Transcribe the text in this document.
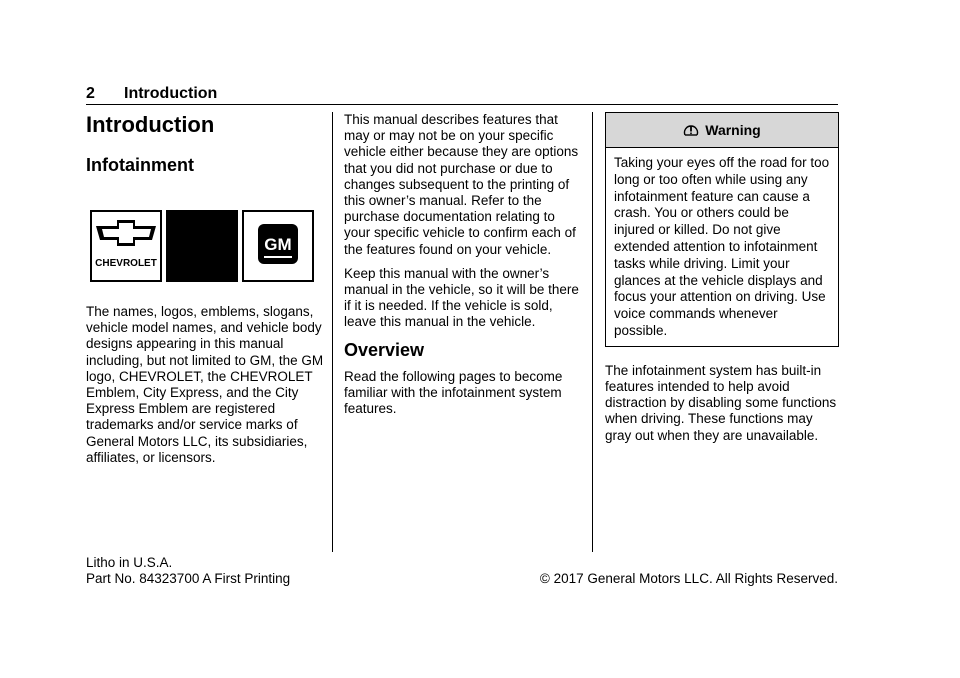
2 Introduction
Introduction
Infotainment
CHEVROLET
GM

The names, logos, emblems, slogans, vehicle model names, and vehicle body designs appearing in this manual including, but not limited to GM, the GM logo, CHEVROLET, the CHEVROLET Emblem, City Express, and the City Express Emblem are registered trademarks and/or service marks of General Motors LLC, its subsidiaries, affiliates, or licensors.

This manual describes features that may or may not be on your specific vehicle either because they are options that you did not purchase or due to changes subsequent to the printing of this owner’s manual. Refer to the purchase documentation relating to your specific vehicle to confirm each of the features found on your vehicle.

Keep this manual with the owner’s manual in the vehicle, so it will be there if it is needed. If the vehicle is sold, leave this manual in the vehicle.

Overview

Read the following pages to become familiar with the infotainment system features.

Warning

Taking your eyes off the road for too long or too often while using any infotainment feature can cause a crash. You or others could be injured or killed. Do not give extended attention to infotainment tasks while driving. Limit your glances at the vehicle displays and focus your attention on driving. Use voice commands whenever possible.

The infotainment system has built-in features intended to help avoid distraction by disabling some functions when driving. These functions may gray out when they are unavailable.

Litho in U.S.A.
Part No. 84323700 A First Printing	© 2017 General Motors LLC. All Rights Reserved.
